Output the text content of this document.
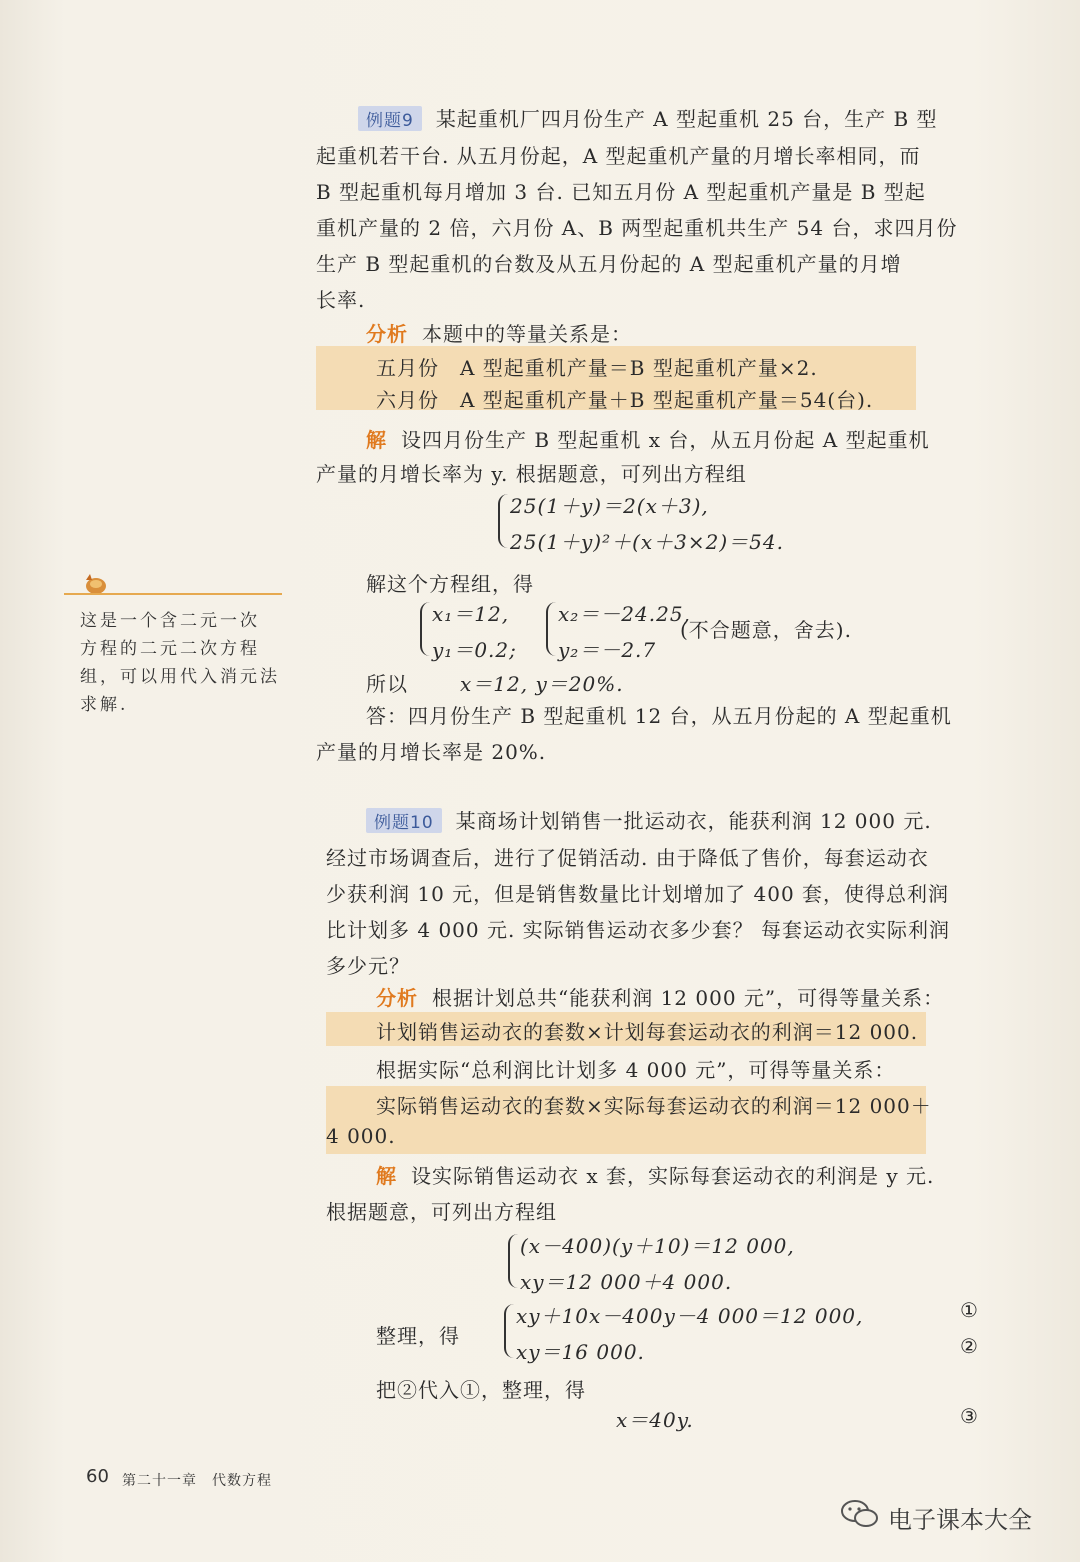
例题9 某起重机厂四月份生产 A 型起重机 25 台，生产 B 型
起重机若干台. 从五月份起，A 型起重机产量的月增长率相同，而
B 型起重机每月增加 3 台. 已知五月份 A 型起重机产量是 B 型起
重机产量的 2 倍，六月份 A、B 两型起重机共生产 54 台，求四月份
生产 B 型起重机的台数及从五月份起的 A 型起重机产量的月增
长率.
分析 本题中的等量关系是：
五月份　A 型起重机产量＝B 型起重机产量×2.
六月份　A 型起重机产量＋B 型起重机产量＝54(台).
解 设四月份生产 B 型起重机 x 台，从五月份起 A 型起重机
产量的月增长率为 y. 根据题意，可列出方程组
25(1＋y)＝2(x＋3),
25(1＋y)²＋(x＋3×2)＝54.
解这个方程组，得
x₁＝12,
y₁＝0.2;
x₂＝－24.25,
y₂＝－2.7
(不合题意，舍去).
所以	x＝12, y＝20%.
答：四月份生产 B 型起重机 12 台，从五月份起的 A 型起重机
产量的月增长率是 20%.
这是一个含二元一次
方程的二元二次方程
组，可以用代入消元法
求解.
例题10 某商场计划销售一批运动衣，能获利润 12 000 元.
经过市场调查后，进行了促销活动. 由于降低了售价，每套运动衣
少获利润 10 元，但是销售数量比计划增加了 400 套，使得总利润
比计划多 4 000 元. 实际销售运动衣多少套？ 每套运动衣实际利润
多少元？
分析 根据计划总共“能获利润 12 000 元”，可得等量关系：
计划销售运动衣的套数×计划每套运动衣的利润＝12 000.
根据实际“总利润比计划多 4 000 元”，可得等量关系：
实际销售运动衣的套数×实际每套运动衣的利润＝12 000＋
4 000.
解 设实际销售运动衣 x 套，实际每套运动衣的利润是 y 元.
根据题意，可列出方程组
(x－400)(y＋10)＝12 000,
xy＝12 000＋4 000.
整理，得
xy＋10x－400y－4 000＝12 000,
xy＝16 000.
①
②
把②代入①，整理，得
x＝40y.	③
60 第二十一章　代数方程
电子课本大全
